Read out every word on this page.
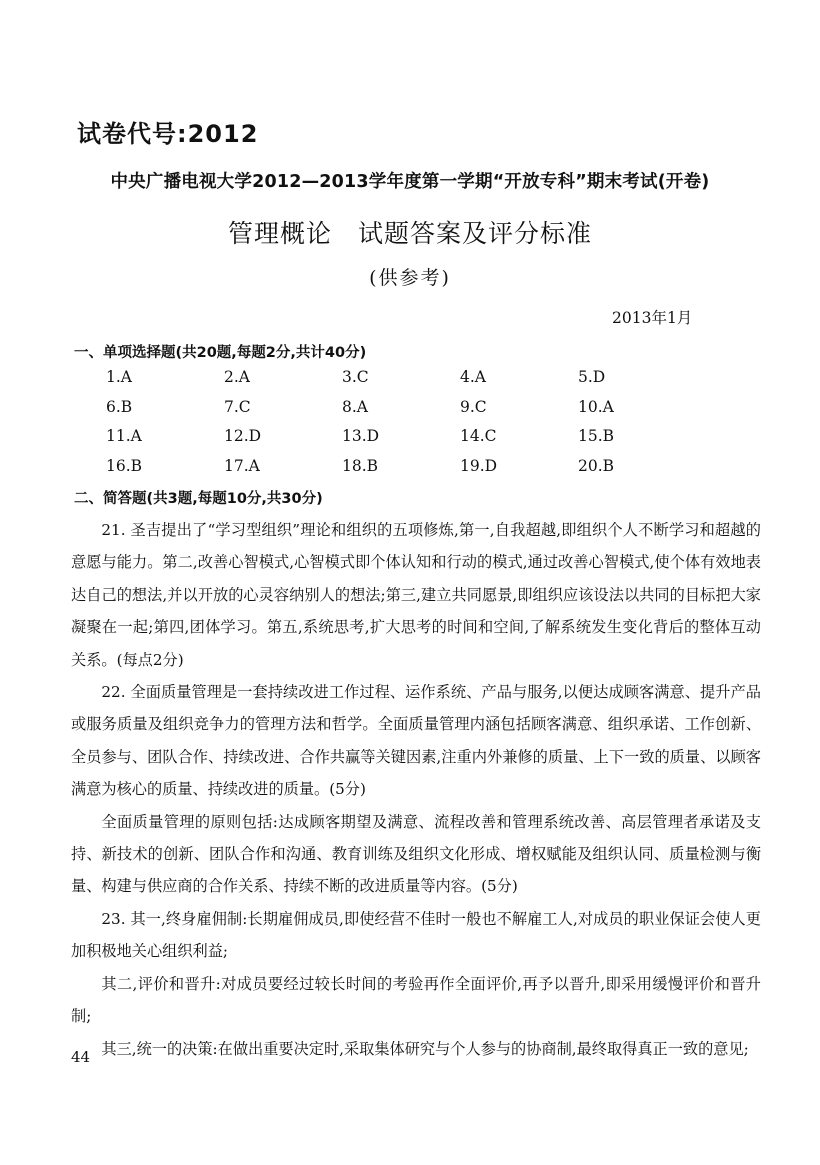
试卷代号:2012
中央广播电视大学2012—2013学年度第一学期“开放专科”期末考试(开卷)
管理概论　试题答案及评分标准
(供参考)
2013年1月
一、单项选择题(共20题,每题2分,共计40分)
1.A	2.A	3.C	4.A	5.D
6.B	7.C	8.A	9.C	10.A
11.A	12.D	13.D	14.C	15.B
16.B	17.A	18.B	19.D	20.B
二、简答题(共3题,每题10分,共30分)

21. 圣吉提出了“学习型组织”理论和组织的五项修炼,第一,自我超越,即组织个人不断学习和超越的意愿与能力。第二,改善心智模式,心智模式即个体认知和行动的模式,通过改善心智模式,使个体有效地表达自己的想法,并以开放的心灵容纳别人的想法;第三,建立共同愿景,即组织应该设法以共同的目标把大家凝聚在一起;第四,团体学习。第五,系统思考,扩大思考的时间和空间,了解系统发生变化背后的整体互动关系。(每点2分)

22. 全面质量管理是一套持续改进工作过程、运作系统、产品与服务,以便达成顾客满意、提升产品或服务质量及组织竞争力的管理方法和哲学。全面质量管理内涵包括顾客满意、组织承诺、工作创新、全员参与、团队合作、持续改进、合作共赢等关键因素,注重内外兼修的质量、上下一致的质量、以顾客满意为核心的质量、持续改进的质量。(5分)

全面质量管理的原则包括:达成顾客期望及满意、流程改善和管理系统改善、高层管理者承诺及支持、新技术的创新、团队合作和沟通、教育训练及组织文化形成、增权赋能及组织认同、质量检测与衡量、构建与供应商的合作关系、持续不断的改进质量等内容。(5分)

23. 其一,终身雇佣制:长期雇佣成员,即使经营不佳时一般也不解雇工人,对成员的职业保证会使人更加积极地关心组织利益;

其二,评价和晋升:对成员要经过较长时间的考验再作全面评价,再予以晋升,即采用缓慢评价和晋升制;

其三,统一的决策:在做出重要决定时,采取集体研究与个人参与的协商制,最终取得真正一致的意见;

44
